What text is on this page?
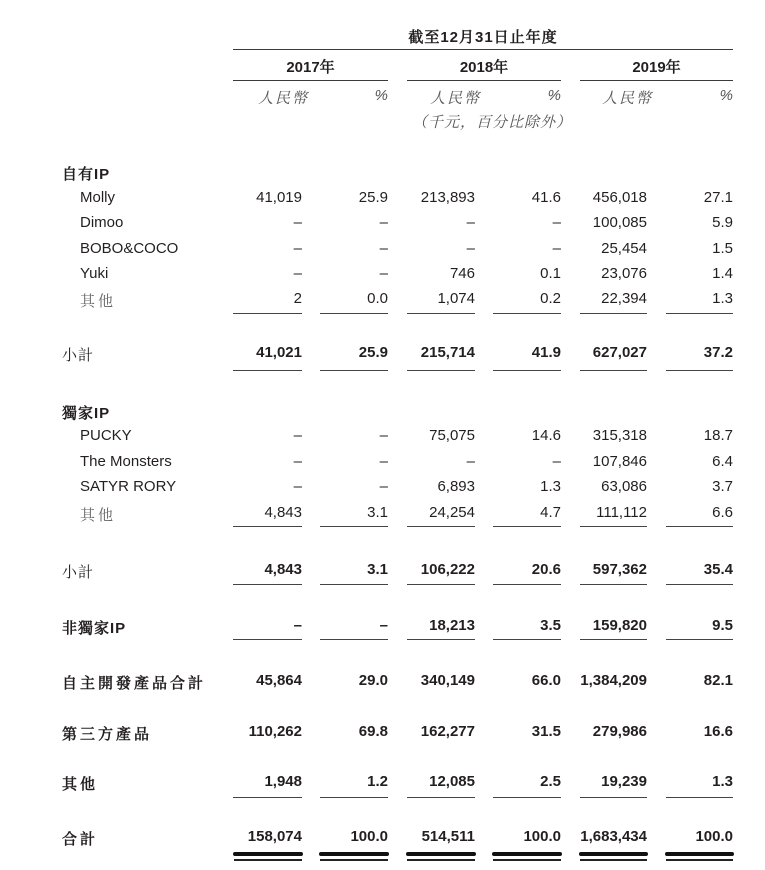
截至12月31日止年度
2017年	2018年	2019年
人民幣	%	人民幣	%	人民幣	%
（千元，百分比除外）
自有IP
Molly	41,019	25.9	213,893	41.6	456,018	27.1
Dimoo	–	–	–	–	100,085	5.9
BOBO&COCO	–	–	–	–	25,454	1.5
Yuki	–	–	746	0.1	23,076	1.4
其他	2	0.0	1,074	0.2	22,394	1.3
小計	41,021	25.9	215,714	41.9	627,027	37.2
獨家IP
PUCKY	–	–	75,075	14.6	315,318	18.7
The Monsters	–	–	–	–	107,846	6.4
SATYR RORY	–	–	6,893	1.3	63,086	3.7
其他	4,843	3.1	24,254	4.7	111,112	6.6
小計	4,843	3.1	106,222	20.6	597,362	35.4
非獨家IP	–	–	18,213	3.5	159,820	9.5
自主開發產品合計	45,864	29.0	340,149	66.0	1,384,209	82.1
第三方產品	110,262	69.8	162,277	31.5	279,986	16.6
其他	1,948	1.2	12,085	2.5	19,239	1.3
合計	158,074	100.0	514,511	100.0	1,683,434	100.0
